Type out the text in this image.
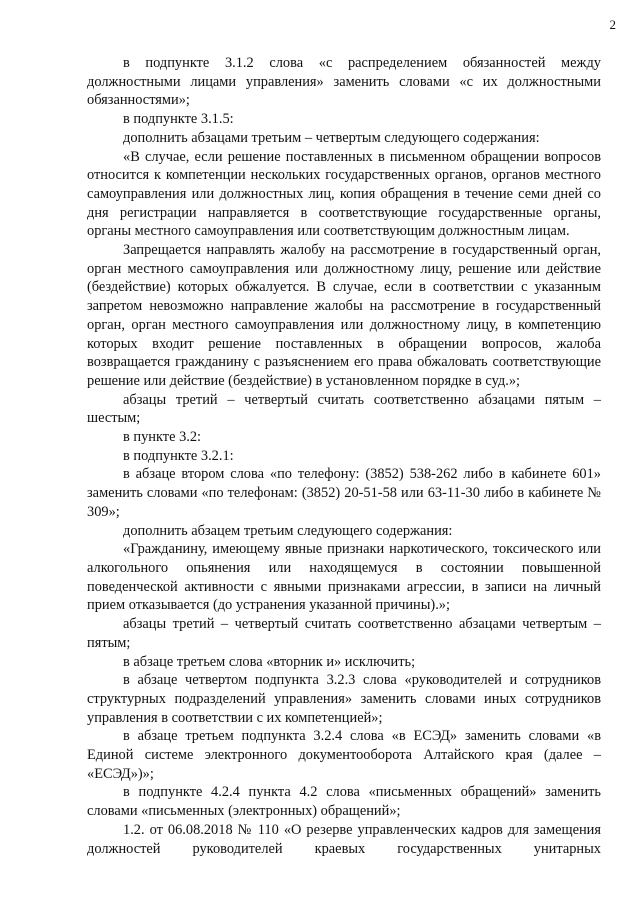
2

в подпункте 3.1.2 слова «с распределением обязанностей между должностными лицами управления» заменить словами «с их должностными обязанностями»;

в подпункте 3.1.5:

дополнить абзацами третьим – четвертым следующего содержания:

«В случае, если решение поставленных в письменном обращении вопросов относится к компетенции нескольких государственных органов, органов местного самоуправления или должностных лиц, копия обращения в течение семи дней со дня регистрации направляется в соответствующие государственные органы, органы местного самоуправления или соответствующим должностным лицам.

Запрещается направлять жалобу на рассмотрение в государственный орган, орган местного самоуправления или должностному лицу, решение или действие (бездействие) которых обжалуется. В случае, если в соответствии с указанным запретом невозможно направление жалобы на рассмотрение в государственный орган, орган местного самоуправления или должностному лицу, в компетенцию которых входит решение поставленных в обращении вопросов, жалоба возвращается гражданину с разъяснением его права обжаловать соответствующие решение или действие (бездействие) в установленном порядке в суд.»;

абзацы третий – четвертый считать соответственно абзацами пятым – шестым;

в пункте 3.2:

в подпункте 3.2.1:

в абзаце втором слова «по телефону: (3852) 538-262 либо в кабинете 601» заменить словами «по телефонам: (3852) 20-51-58 или 63-11-30 либо в кабинете № 309»;

дополнить абзацем третьим следующего содержания:

«Гражданину, имеющему явные признаки наркотического, токсического или алкогольного опьянения или находящемуся в состоянии повышенной поведенческой активности с явными признаками агрессии, в записи на личный прием отказывается (до устранения указанной причины).»;

абзацы третий – четвертый считать соответственно абзацами четвертым – пятым;

в абзаце третьем слова «вторник и» исключить;

в абзаце четвертом подпункта 3.2.3 слова «руководителей и сотрудников структурных подразделений управления» заменить словами иных сотрудников управления в соответствии с их компетенцией»;

в абзаце третьем подпункта 3.2.4 слова «в ЕСЭД» заменить словами «в Единой системе электронного документооборота Алтайского края (далее – «ЕСЭД»)»;

в подпункте 4.2.4 пункта 4.2 слова «письменных обращений» заменить словами «письменных (электронных) обращений»;

1.2. от 06.08.2018 № 110 «О резерве управленческих кадров для замещения должностей руководителей краевых государственных унитарных
